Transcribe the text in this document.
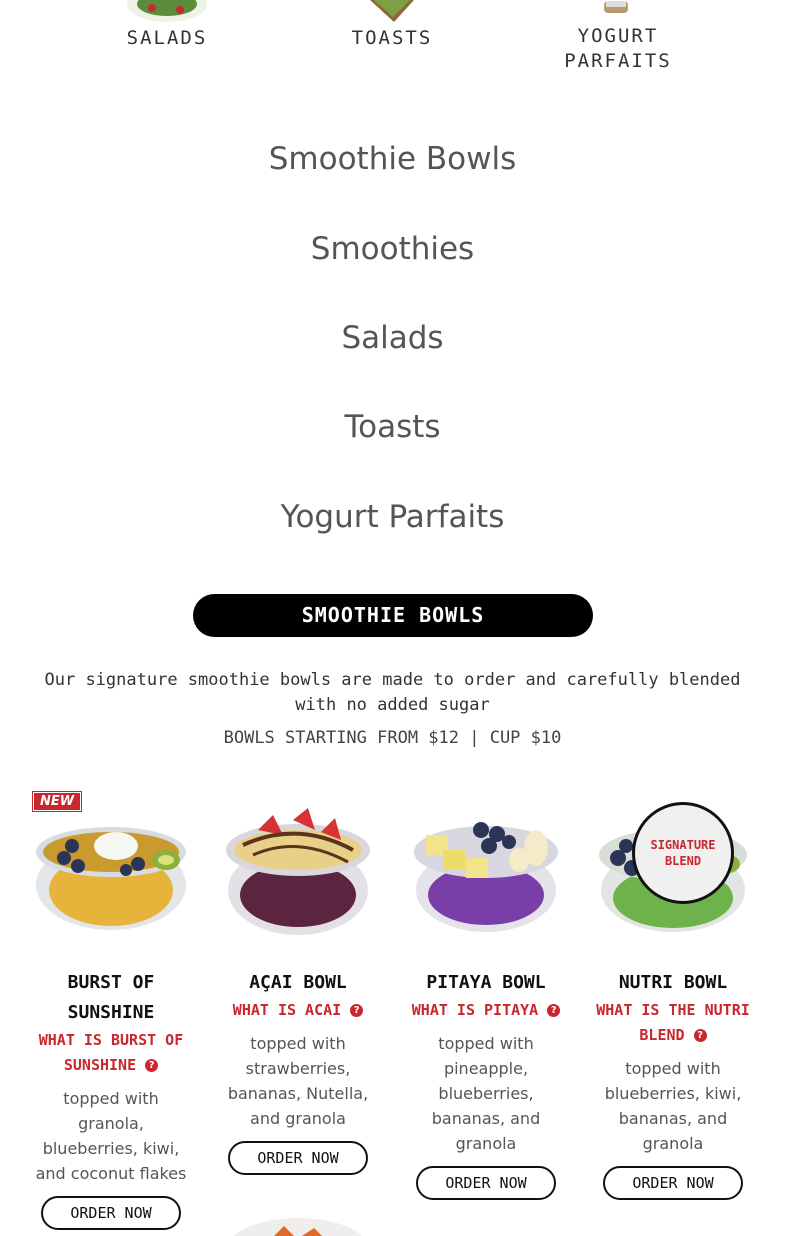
SALADS	TOASTS	YOGURT PARFAITS
Smoothie Bowls
Smoothies
Salads
Toasts
Yogurt Parfaits
SMOOTHIE BOWLS
Our signature smoothie bowls are made to order and carefully blended with no added sugar
BOWLS STARTING FROM $12 | CUP $10
NEW
BURST OF SUNSHINE
WHAT IS BURST OF SUNSHINE ?
topped with granola, blueberries, kiwi, and coconut flakes
ORDER NOW
AÇAI BOWL
WHAT IS ACAI ?
topped with strawberries, bananas, Nutella, and granola
ORDER NOW
PITAYA BOWL
WHAT IS PITAYA ?
topped with pineapple, blueberries, bananas, and granola
ORDER NOW
SIGNATURE BLEND
NUTRI BOWL
WHAT IS THE NUTRI BLEND ?
topped with blueberries, kiwi, bananas, and granola
ORDER NOW
